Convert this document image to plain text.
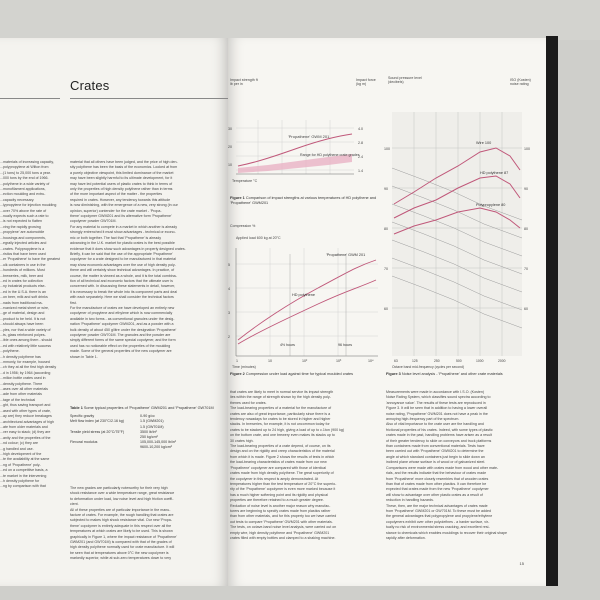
Crates
...materials of increasing capacity,
...polypropylene at Wilton from
...(1 tons) to 25,000 tons a year.
...000 tons by the end of 1966.
...polythene in a wide variety of
...monofilament applications,
...ection moulding and extru-
...capacity necessary.
...lypropylene for injection moulding
...over 70% above the rate of
...nually expects such a rate to
...is not expected to flatten
...ving the rapidly growing
...propylene' are automobile
...housings and components,
...egrally injected articles and
...crates. Polypropylene is a
...ristics that have been used
...er 'Propathene' to have the greatest
...ulk containers in use in the
...hundreds of millions. Most
...breweries, milk, beer and
...ed in crates for collection
...ny industrial products else-
...ed in the U.S.A. there is an
...on beer, milk and soft drinks
...nads from traditional ma-
...rvanized metal sheet or wire,
...ge of material, design and
...product to be held. It is not
...should always have been
...yles, nor that a wide variety of
...ts, glass reinforced polyes-
...ible ones among them - should
...ed with relatively little success
...polythene.
...h density polythene has
...mmonly, for example, housed
...ch they at all the first high density
...d in 1956; by 1964 (according
...milion bottle crates used in
...density polythene. There
...ases over all other materials
...ade from other materials
...tage of the technical
...ght, thus saving transport and
...ased with other types of crate,
...ay are) they reduce breakages
...architectural advantages of high
...ate from older materials and
...ver easy to stack; (d) they are
...anity and the properties of the
...nd colour; (c) they are
...g handled and use.
...high development of the
...te the availability at the same
...ng of 'Propathene' poly-
...ed on a competitive basis, a
...te market in the intervening
...h density polythene for
...ng by comparison with that
material that all others have been judged, and the price of high den-
sity polythene has been the basis of the economics. Looked at from
a purely objective viewpoint, this limited dominance of the market
may have been slightly harmful to its ultimate development, for it
may have led potential users of plastic crates to think in terms of
only the properties of high density polythene rather than in terms
of the more important aspect of the matter - the properties
required in crates. However, any tendency towards this attitude
is now diminishing, with the emergence of a new, very strong (in our
opinion, superior) contender for the crate market - 'Propa-
thene' copolymer GWM201 and its alternative form 'Propathene'
copolymer powder GW701M.
For any material to compete in a market in which another is already
strongly entrenched it must show advantages - technical or econo-
mic or both together. The fact that 'Propathene' is already
advancing in the U.K. market for plastic crates is the best possible
evidence that it does show such advantages in properly designed crates.
Briefly, it can be said that the use of the appropriate 'Propathene'
copolymer for a crate designed to be manufactured in that material
may show economic advantages over the use of high density poly-
thene and will certainly show technical advantages. In practice, of
course, the matter is viewed as a whole, and it is the total combina-
tion of all technical and economic factors that the ultimate user is
concerned with. In discussing these statements in detail, however,
it is necessary to break the whole into its component parts and deal
with each separately. Here we shall consider the technical factors
first.
For the manufacture of crates we have developed an entirely new
copolymer of propylene and ethylene which is now commercially
available in two forms - as conventional granules under the desig-
nation 'Propathene' copolymer GWM201, and as a powder with a
bulk density of about 450 g/litre under the designation 'Propathene'
copolymer powder GW701M. The granules and the powder are
simply different forms of the same special copolymer, and the form
used has no noticeable effect on the properties of the moulding
made. Some of the general properties of the new copolymer are
shown in Table 1.
Table 1 Some typical properties of 'Propathene' GWM201 and 'Propathene' GW701M
Specific gravity	0-90 g/cc
Melt flow index (at 230°C/2.16 kg)	1.5 (GWM201)
1.5 (GW701M)
Tensile yield stress (at 20°C/75°F)	3500 lb/in²
250 kg/cm²
Flexural modulus	105,000-145,000 lb/in²
9600-10,200 kg/cm²
The new grades are particularly noteworthy for their very high
shock resistance over a wide temperature range, great resistance
to deformation under load, low noise level and high friction coeffi-
cient.
All of these properties are of particular importance in the manu-
facture of crates. For example, the rough handling that crates are
subjected to makes high shock resistance vital. Our new 'Propa-
thene' copolymer is entirely adequate in this respect over all the
temperatures at which crates are likely to be used. This is shown
graphically in Figure 1, where the impact resistance of 'Propathene'
GWM201 (and GW701M) is compared with that of the grades of
high density polythene normally used for crate manufacture. It will
be seen that at temperatures above 0°C the new copolymer is
markedly superior, while at sub-zero temperatures down to very
Impact strength ft lb per in
Impact force (kg m)
'Propathene' GWM 201
Range for HD polythene crate grades
4.0
2.8
2.4
1.4
30
20
10
Temperature °C
Figure 1 Comparison of impact strengths at various temperatures of HD polythene and 'Propathene' GWM201
Compression %
Applied load 600 kg at 20°C
HD polythene
'Propathene' GWM 201
4½ hours	96 hours
5
4
3
2
1	10	10²	10³	10⁴
Time (minutes)
Figure 2 Compression under load against time for typical moulded crates
Sound pressure level (decibels)
ISO (Kosten) noise rating
Wire 100
HD polythene 87
Polypropylene 80
100
90
80
70
60
100
90
80
70
60
63	125	250	500	1000	2000
Octave band mid-frequency (cycles per second)
Figure 3 Noise level analysis - 'Propathene' and other crate materials
that crates are likely to meet in normal service its impact strength
lies within the range of strength shown by the high density poly-
thenes used for crates.
The load-bearing properties of a material for the manufacture of
crates are also of great importance, particularly since there is a
tendency nowadays for crates to be stored in higher and higher
stacks. In breweries, for example, it is not uncommon today for
crates to be stacked up to 24 high, giving a load of up to c.1ton (900 kg)
on the bottom crate, and one brewery even makes its stacks up to
30 crates high.
The load-bearing properties of a crate depend, of course, on its
design and on the rigidity and creep characteristics of the material
from which it is made. Figure 2 shows the results of tests in which
the load-bearing characteristics of crates made from our new
'Propathene' copolymer are compared with those of identical
crates made from high density polythene. The great superiority of
the copolymer in this respect is amply demonstrated. At
temperatures higher than the test temperature of 20°C the superio-
rity of the 'Propathene' copolymer is even more marked because it
has a much higher softening point and its rigidity and physical
properties are therefore retained to a much greater degree.
Reduction of noise level is another major reason why manufac-
turers are beginning to specify crates made from plastics rather
than from other materials, and for this property too we have carried
out tests to compare 'Propathene' GWM201 with other materials.
The tests, on octave-band noise level analysis, were carried out on
empty wire, high density polythene and 'Propathene' GWM201
crates filled with empty bottles and clamped to a shaking machine.
Measurements were made in accordance with I.S.O. (Kosten)
Noise Rating System, which classifies sound spectra according to
'annoyance value'. The results of these tests are reproduced in
Figure 3. It will be seen that in addition to having a lower overall
noise rating, 'Propathene' GWM201 does not have a peak in the
annoying high-frequency part of the spectrum.
Also of vital importance to the crate user are the handling and
frictional properties of his crates. Indeed, with some types of plastic
crates made in the past, handling problems have arisen as a result
of their greater tendency to slide on conveyors and truck platforms
than containers made from conventional materials. Tests have
been carried out with 'Propathene' GWM201 to determine the
angle at which standard containers just begin to slide down an
inclined plane whose surface is of wood or of galvanized steel.
Comparisons were made with crates made from wood and other mate-
rials, and the results indicate that the behaviour of crates made
from 'Propathene' more closely resembles that of wooden crates
than that of crates made from other plastics. It can therefore be
expected that crates made from the new 'Propathene' copolymer
will show to advantage over other plastic crates as a result of
reduction in handling hazards.
These, then, are the major technical advantages of crates made
from 'Propathene' GWM201 or GW701M. To these must be added
the general advantages that polypropylene and propylene/ethylene
copolymers exhibit over other polyolefines - a harder surface, vir-
tually no risk of environmental stress cracking, and excellent resi-
stance to chemicals which enables mouldings to recover their original shape
rapidly after deformation.
15
